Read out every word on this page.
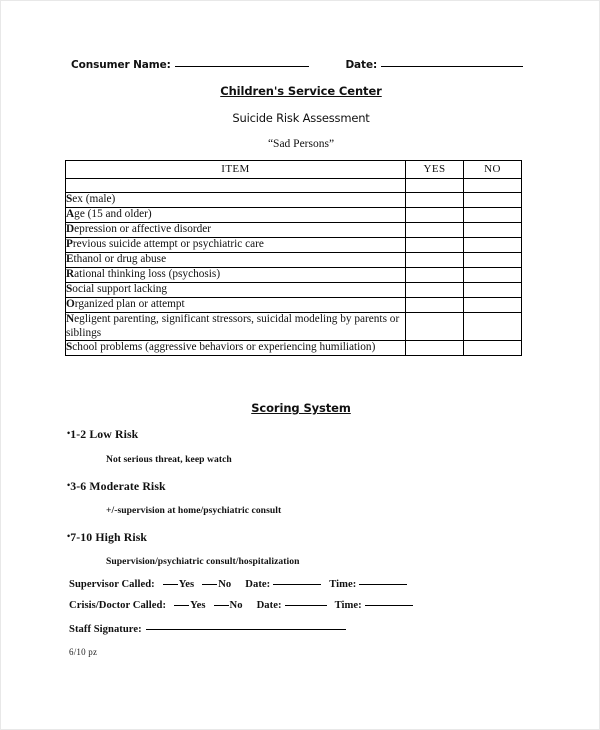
Consumer Name:	Date:
Children's Service Center
Suicide Risk Assessment
“Sad Persons”
ITEM	YES	NO

Sex (male)		
Age (15 and older)		
Depression or affective disorder		
Previous suicide attempt or psychiatric care		
Ethanol or drug abuse		
Rational thinking loss (psychosis)		
Social support lacking		
Organized plan or attempt		
Negligent parenting, significant stressors, suicidal modeling by parents or siblings		
School problems (aggressive behaviors or experiencing humiliation)		
Scoring System
•1-2 Low Risk
Not serious threat, keep watch
•3-6 Moderate Risk
+/-supervision at home/psychiatric consult
•7-10 High Risk
Supervision/psychiatric consult/hospitalization
Supervisor Called: Yes No Date:	Time:
Crisis/Doctor Called: Yes No Date:	Time:
Staff Signature:
6/10 pz
